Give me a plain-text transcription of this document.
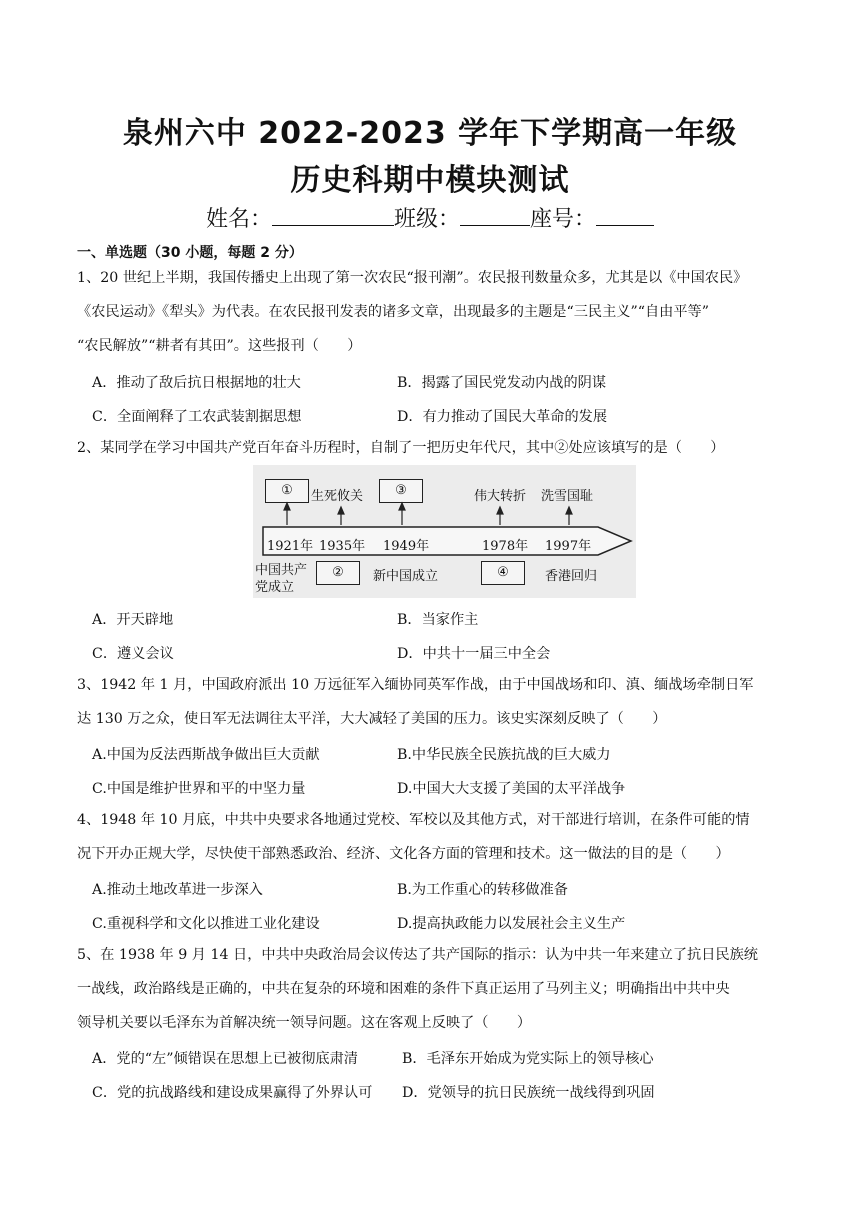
泉州六中 2022-2023 学年下学期高一年级
历史科期中模块测试
姓名：	班级：	座号：
一、单选题（30 小题，每题 2 分）
1、20 世纪上半期，我国传播史上出现了第一次农民“报刊潮”。农民报刊数量众多，尤其是以《中国农民》
《农民运动》《犁头》为代表。在农民报刊发表的诸多文章，出现最多的主题是“三民主义”“自由平等”
“农民解放”“耕者有其田”。这些报刊（　　）
A．推动了敌后抗日根据地的壮大	B．揭露了国民党发动内战的阴谋
C．全面阐释了工农武装割据思想	D．有力推动了国民大革命的发展
2、某同学在学习中国共产党百年奋斗历程时，自制了一把历史年代尺，其中②处应该填写的是（　　）
①	③
生死攸关	伟大转折 洗雪国耻
1921年 1935年 1949年	1978年 1997年
中国共产
党成立
②	新中国成立	④	香港回归
A．开天辟地	B．当家作主
C．遵义会议	D．中共十一届三中全会
3、1942 年 1 月，中国政府派出 10 万远征军入缅协同英军作战，由于中国战场和印、滇、缅战场牵制日军
达 130 万之众，使日军无法调往太平洋，大大减轻了美国的压力。该史实深刻反映了（　　）
A.中国为反法西斯战争做出巨大贡献	B.中华民族全民族抗战的巨大威力
C.中国是维护世界和平的中坚力量	D.中国大大支援了美国的太平洋战争
4、1948 年 10 月底，中共中央要求各地通过党校、军校以及其他方式，对干部进行培训，在条件可能的情
况下开办正规大学，尽快使干部熟悉政治、经济、文化各方面的管理和技术。这一做法的目的是（　　）
A.推动土地改革进一步深入	B.为工作重心的转移做准备
C.重视科学和文化以推进工业化建设	D.提高执政能力以发展社会主义生产
5、在 1938 年 9 月 14 日，中共中央政治局会议传达了共产国际的指示：认为中共一年来建立了抗日民族统
一战线，政治路线是正确的，中共在复杂的环境和困难的条件下真正运用了马列主义；明确指出中共中央
领导机关要以毛泽东为首解决统一领导问题。这在客观上反映了（　　）
A．党的“左”倾错误在思想上已被彻底肃清	B．毛泽东开始成为党实际上的领导核心
C．党的抗战路线和建设成果赢得了外界认可 D．党领导的抗日民族统一战线得到巩固
